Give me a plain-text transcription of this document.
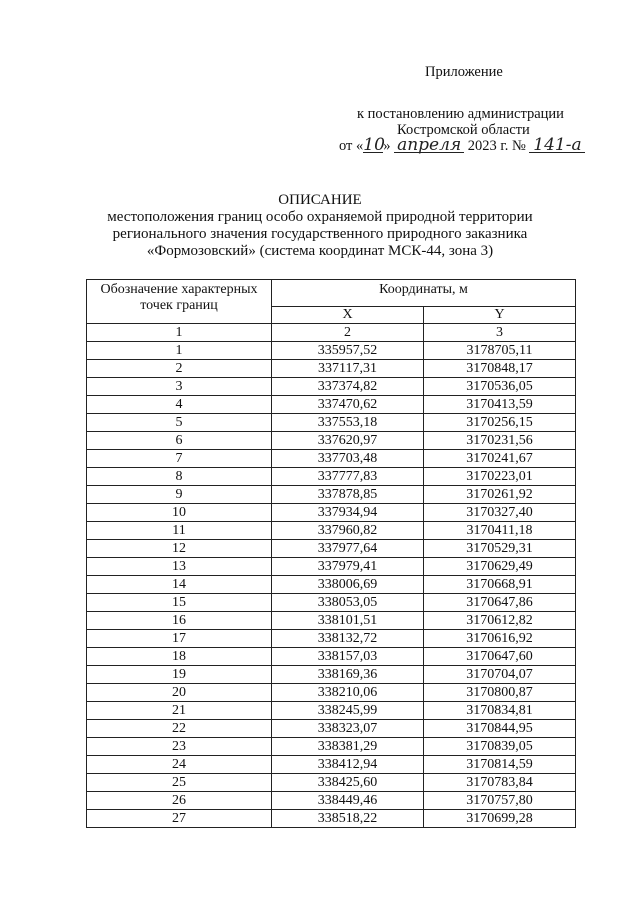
Приложение
к постановлению администрации
Костромской области
от «10» апреля 2023 г. № 141-а
ОПИСАНИЕ
местоположения границ особо охраняемой природной территории
регионального значения государственного природного заказника
«Формозовский» (система координат МСК-44, зона 3)
Обозначение характерных точек границ	Координаты, м	
	X	Y
1	2	3
1	335957,52	3178705,11
2	337117,31	3170848,17
3	337374,82	3170536,05
4	337470,62	3170413,59
5	337553,18	3170256,15
6	337620,97	3170231,56
7	337703,48	3170241,67
8	337777,83	3170223,01
9	337878,85	3170261,92
10	337934,94	3170327,40
11	337960,82	3170411,18
12	337977,64	3170529,31
13	337979,41	3170629,49
14	338006,69	3170668,91
15	338053,05	3170647,86
16	338101,51	3170612,82
17	338132,72	3170616,92
18	338157,03	3170647,60
19	338169,36	3170704,07
20	338210,06	3170800,87
21	338245,99	3170834,81
22	338323,07	3170844,95
23	338381,29	3170839,05
24	338412,94	3170814,59
25	338425,60	3170783,84
26	338449,46	3170757,80
27	338518,22	3170699,28
